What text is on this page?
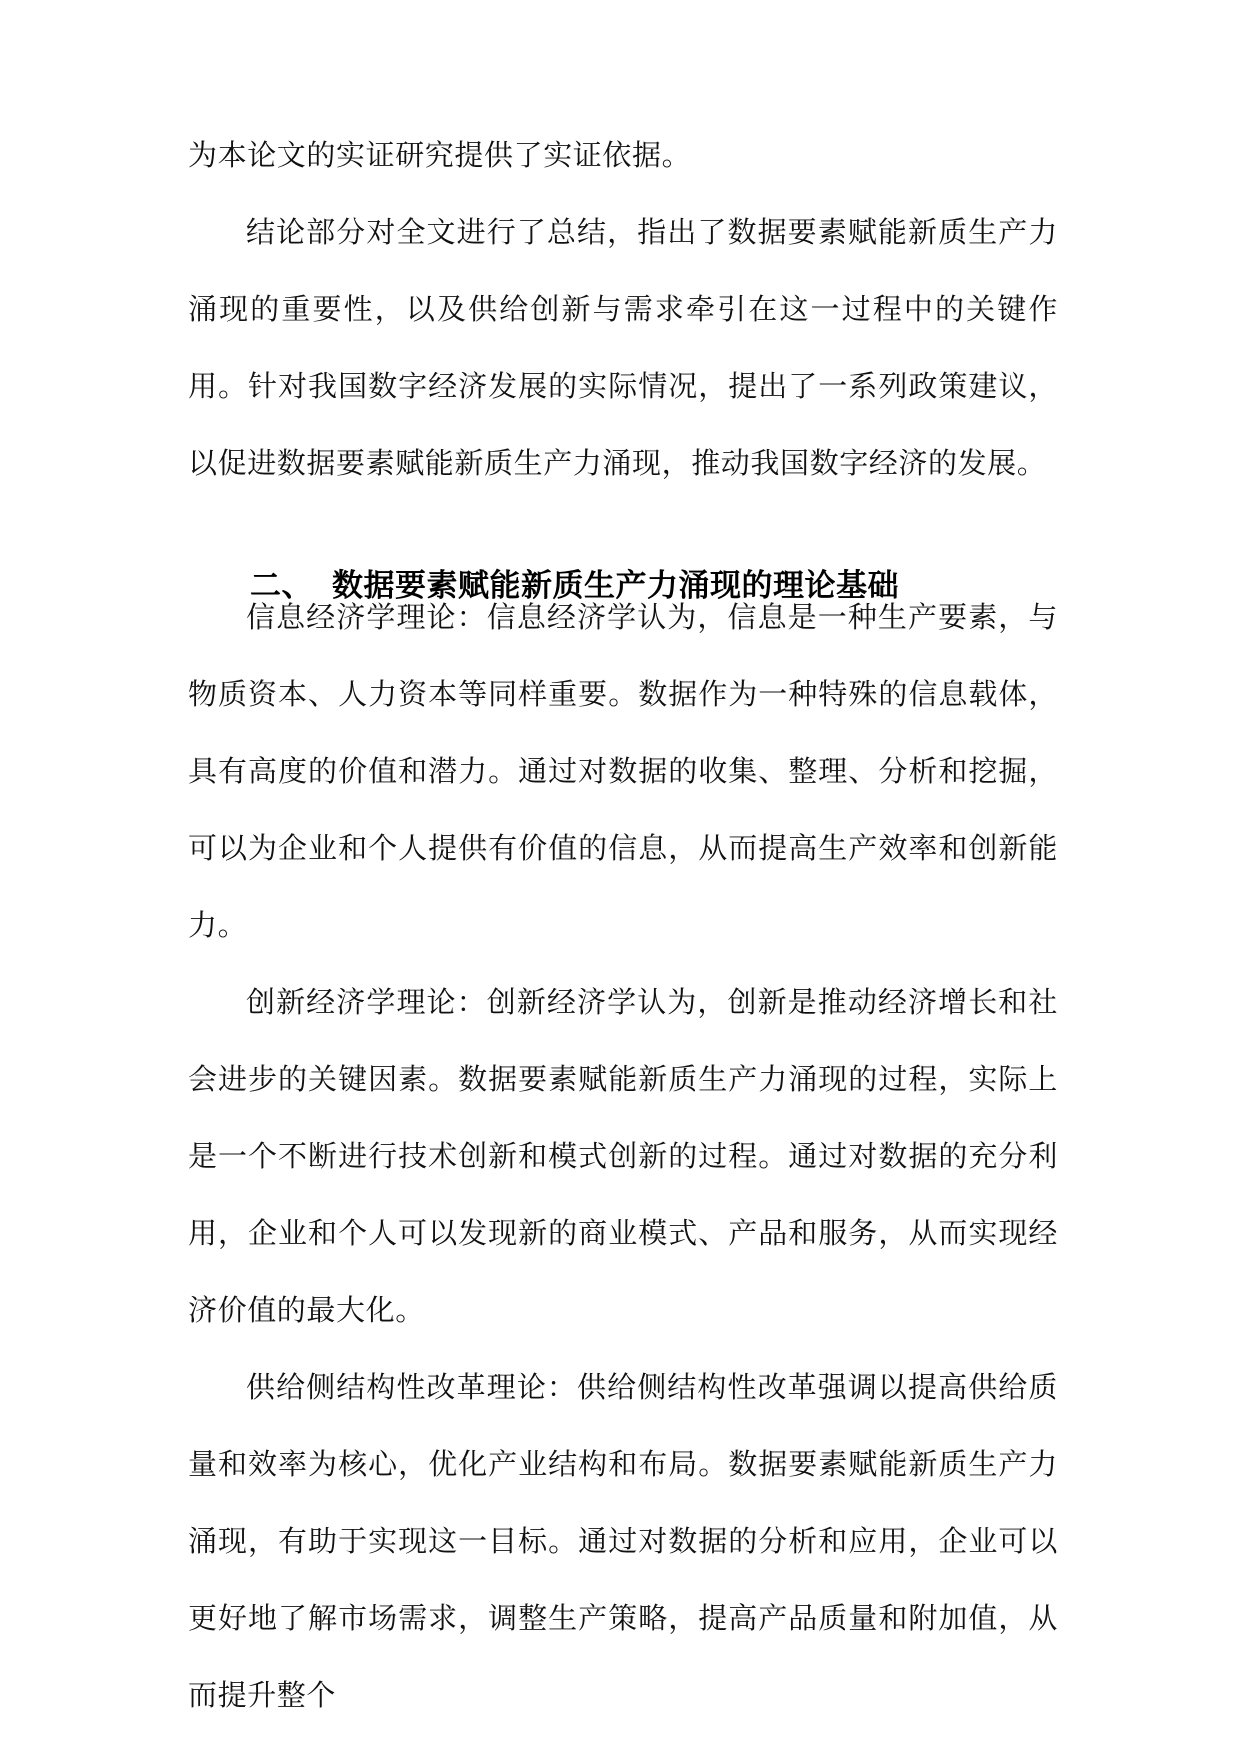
为本论文的实证研究提供了实证依据。

结论部分对全文进行了总结，指出了数据要素赋能新质生产力涌现的重要性，以及供给创新与需求牵引在这一过程中的关键作用。针对我国数字经济发展的实际情况，提出了一系列政策建议，以促进数据要素赋能新质生产力涌现，推动我国数字经济的发展。

二、 数据要素赋能新质生产力涌现的理论基础

信息经济学理论：信息经济学认为，信息是一种生产要素，与物质资本、人力资本等同样重要。数据作为一种特殊的信息载体，具有高度的价值和潜力。通过对数据的收集、整理、分析和挖掘，可以为企业和个人提供有价值的信息，从而提高生产效率和创新能力。

创新经济学理论：创新经济学认为，创新是推动经济增长和社会进步的关键因素。数据要素赋能新质生产力涌现的过程，实际上是一个不断进行技术创新和模式创新的过程。通过对数据的充分利用，企业和个人可以发现新的商业模式、产品和服务，从而实现经济价值的最大化。

供给侧结构性改革理论：供给侧结构性改革强调以提高供给质量和效率为核心，优化产业结构和布局。数据要素赋能新质生产力涌现，有助于实现这一目标。通过对数据的分析和应用，企业可以更好地了解市场需求，调整生产策略，提高产品质量和附加值，从而提升整个
